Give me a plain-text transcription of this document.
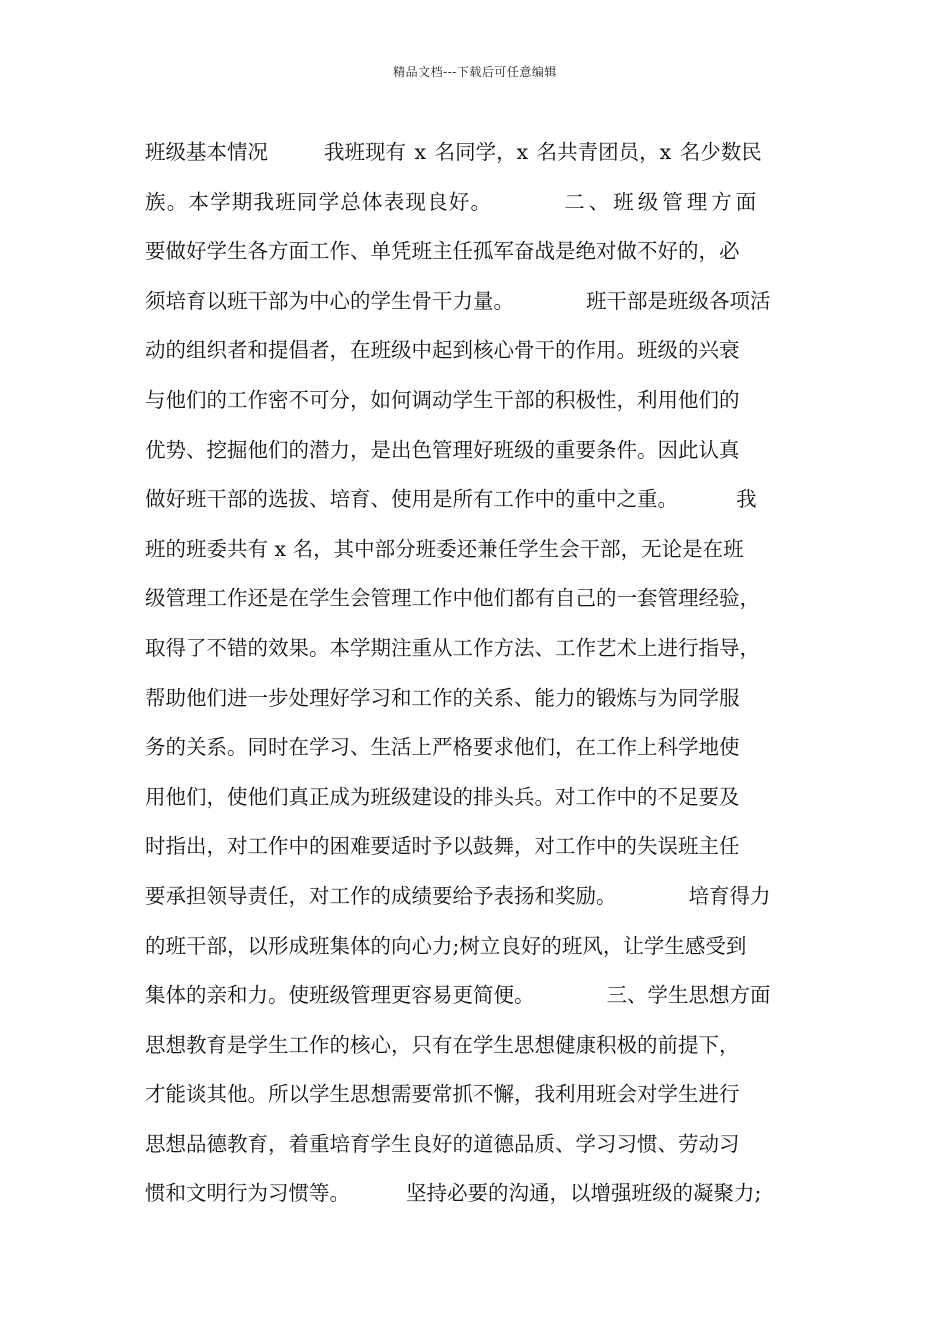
精品文档---下载后可任意编辑
班级基本情况	我班现有 x 名同学，x 名共青团员，x 名少数民
族。本学期我班同学总体表现良好。	二、班级管理方面
要做好学生各方面工作、单凭班主任孤军奋战是绝对做不好的，必
须培育以班干部为中心的学生骨干力量。	班干部是班级各项活
动的组织者和提倡者，在班级中起到核心骨干的作用。班级的兴衰
与他们的工作密不可分，如何调动学生干部的积极性，利用他们的
优势、挖掘他们的潜力，是出色管理好班级的重要条件。因此认真
做好班干部的选拔、培育、使用是所有工作中的重中之重。	我
班的班委共有 x 名，其中部分班委还兼任学生会干部，无论是在班
级管理工作还是在学生会管理工作中他们都有自己的一套管理经验，
取得了不错的效果。本学期注重从工作方法、工作艺术上进行指导，
帮助他们进一步处理好学习和工作的关系、能力的锻炼与为同学服
务的关系。同时在学习、生活上严格要求他们，在工作上科学地使
用他们，使他们真正成为班级建设的排头兵。对工作中的不足要及
时指出，对工作中的困难要适时予以鼓舞，对工作中的失误班主任
要承担领导责任，对工作的成绩要给予表扬和奖励。	培育得力
的班干部，以形成班集体的向心力;树立良好的班风，让学生感受到
集体的亲和力。使班级管理更容易更简便。	三、学生思想方面
思想教育是学生工作的核心，只有在学生思想健康积极的前提下，
才能谈其他。所以学生思想需要常抓不懈，我利用班会对学生进行
思想品德教育，着重培育学生良好的道德品质、学习习惯、劳动习
惯和文明行为习惯等。	坚持必要的沟通，以增强班级的凝聚力;
